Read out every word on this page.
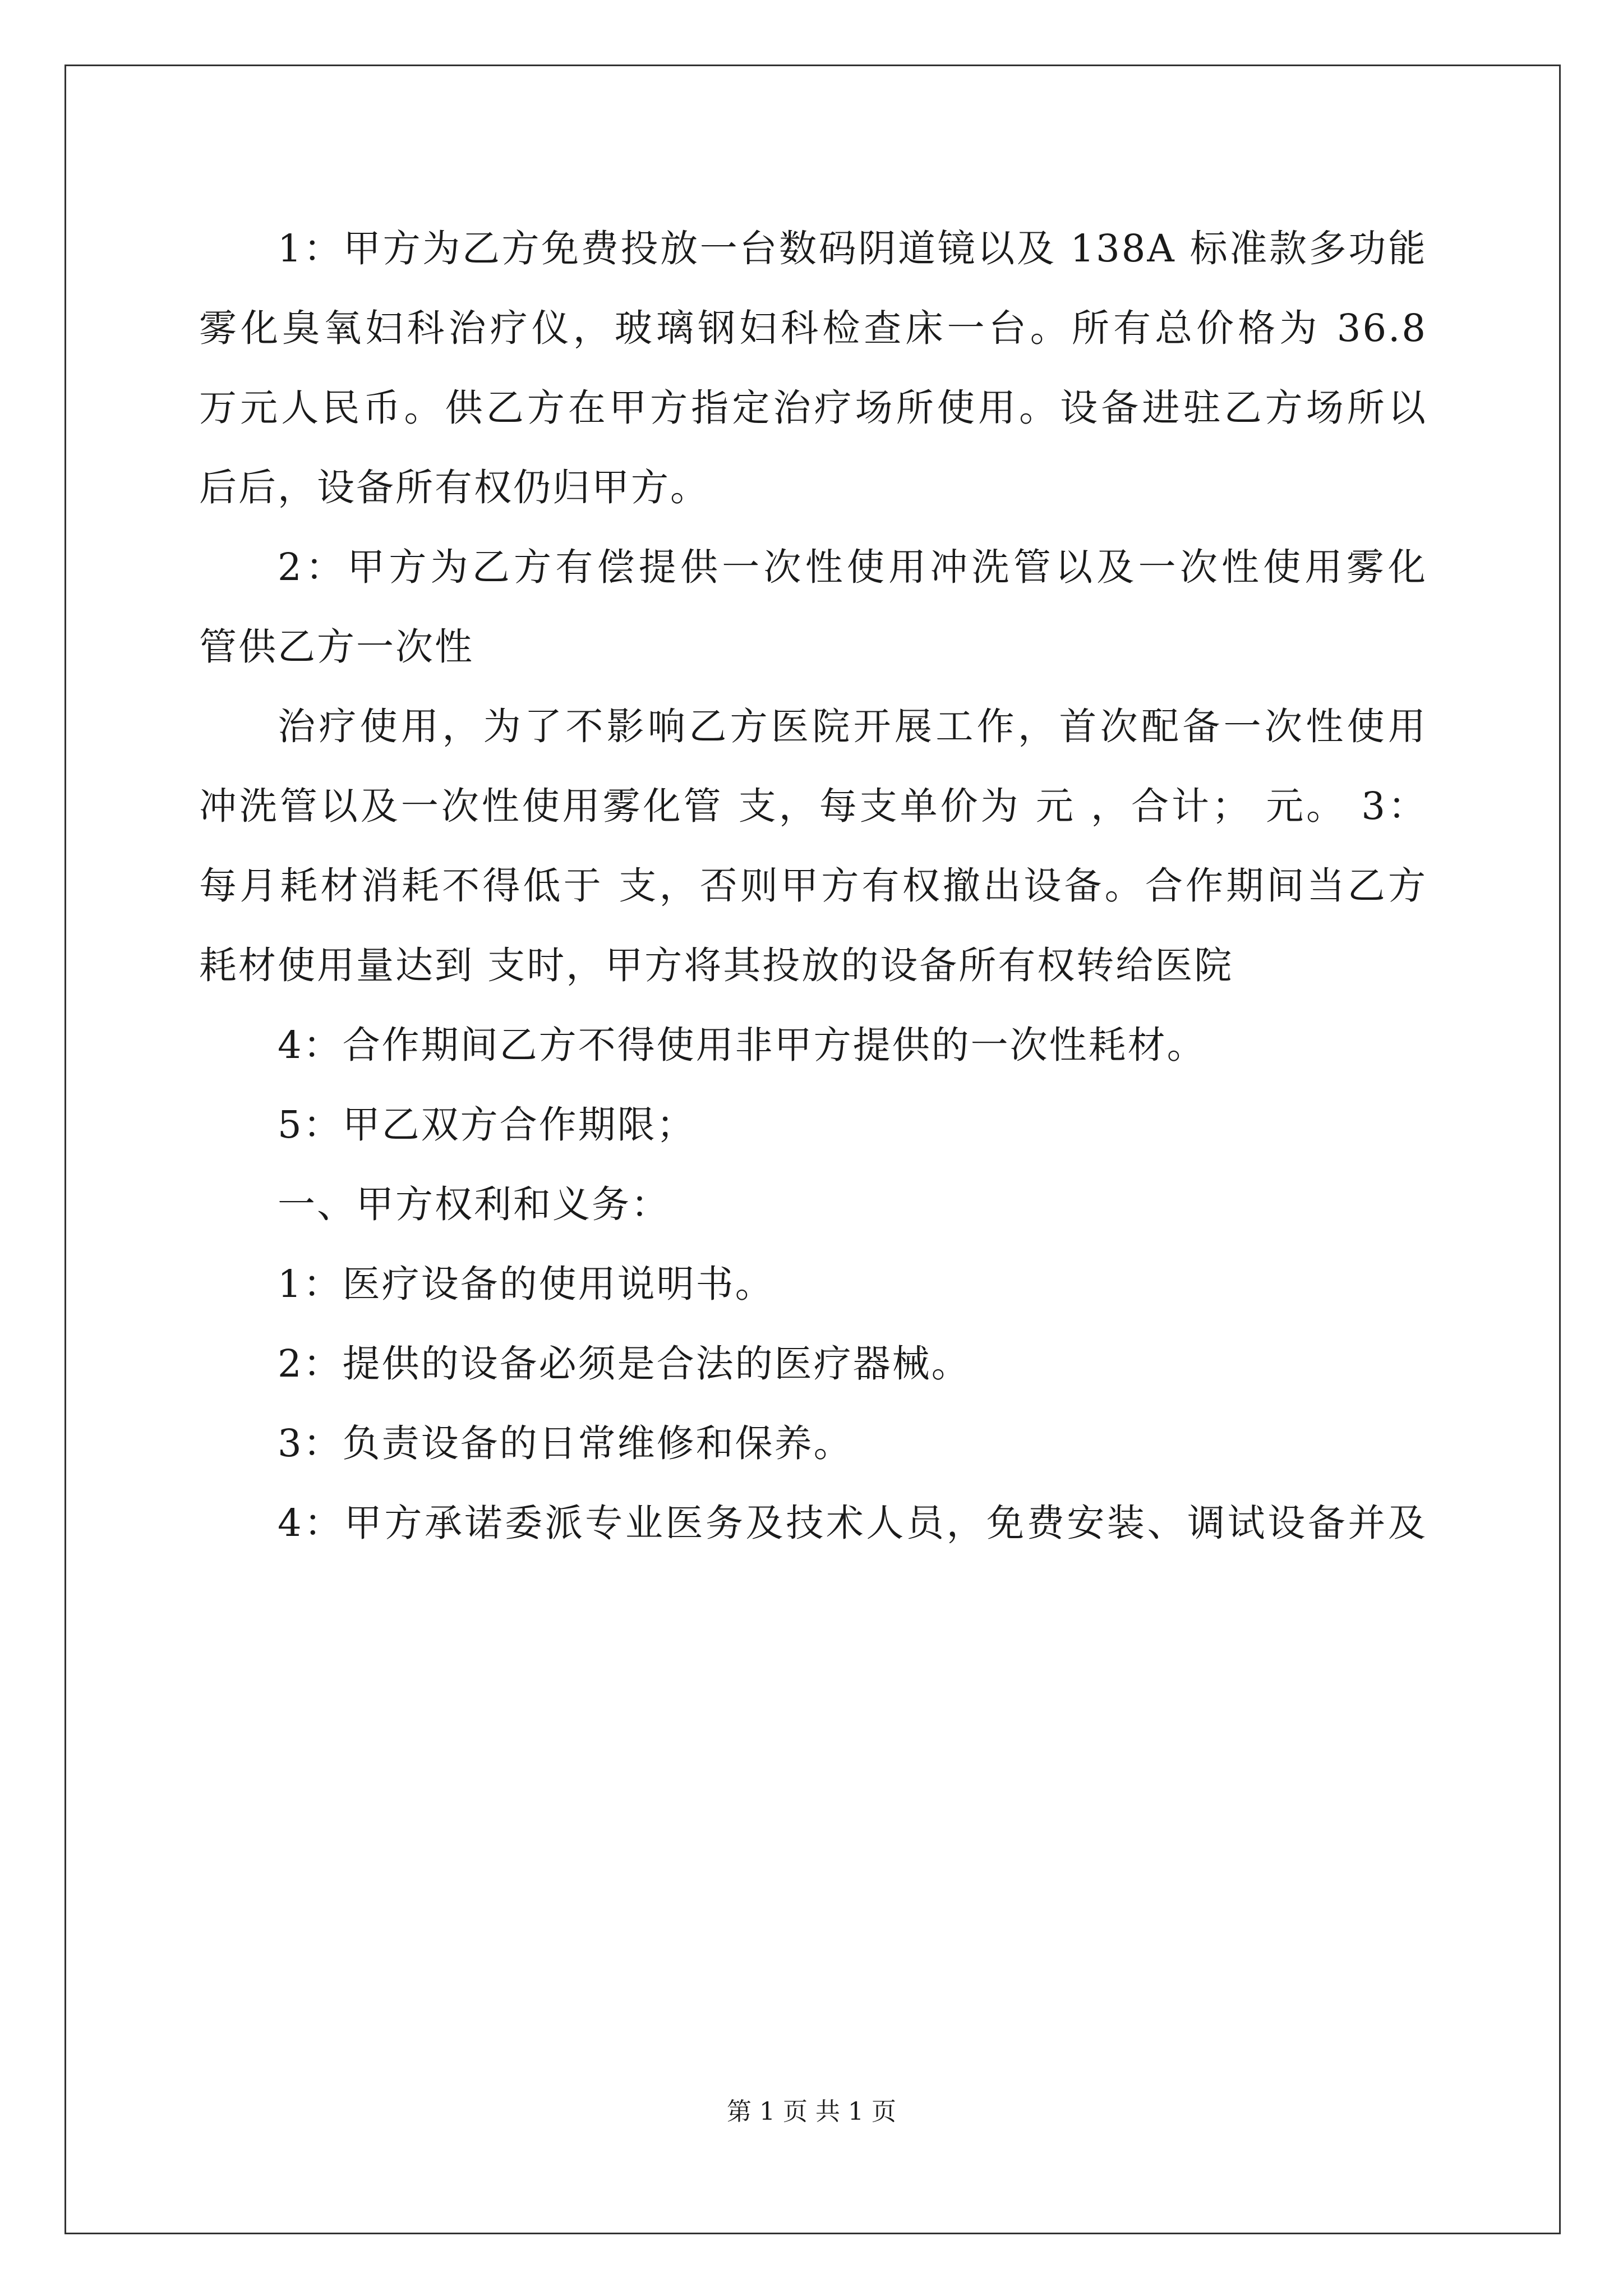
1：甲方为乙方免费投放一台数码阴道镜以及 138A 标准款多功能
雾化臭氧妇科治疗仪，玻璃钢妇科检查床一台。所有总价格为 36.8
万元人民币。供乙方在甲方指定治疗场所使用。设备进驻乙方场所以
后后，设备所有权仍归甲方。
2：甲方为乙方有偿提供一次性使用冲洗管以及一次性使用雾化
管供乙方一次性
治疗使用，为了不影响乙方医院开展工作，首次配备一次性使用
冲洗管以及一次性使用雾化管 支，每支单价为 元 ，合计； 元。 3：
每月耗材消耗不得低于 支，否则甲方有权撤出设备。合作期间当乙方
耗材使用量达到 支时，甲方将其投放的设备所有权转给医院
4：合作期间乙方不得使用非甲方提供的一次性耗材。
5：甲乙双方合作期限；
一、甲方权利和义务：
1：医疗设备的使用说明书。
2：提供的设备必须是合法的医疗器械。
3：负责设备的日常维修和保养。
4：甲方承诺委派专业医务及技术人员，免费安装、调试设备并及
第 1 页 共 1 页
